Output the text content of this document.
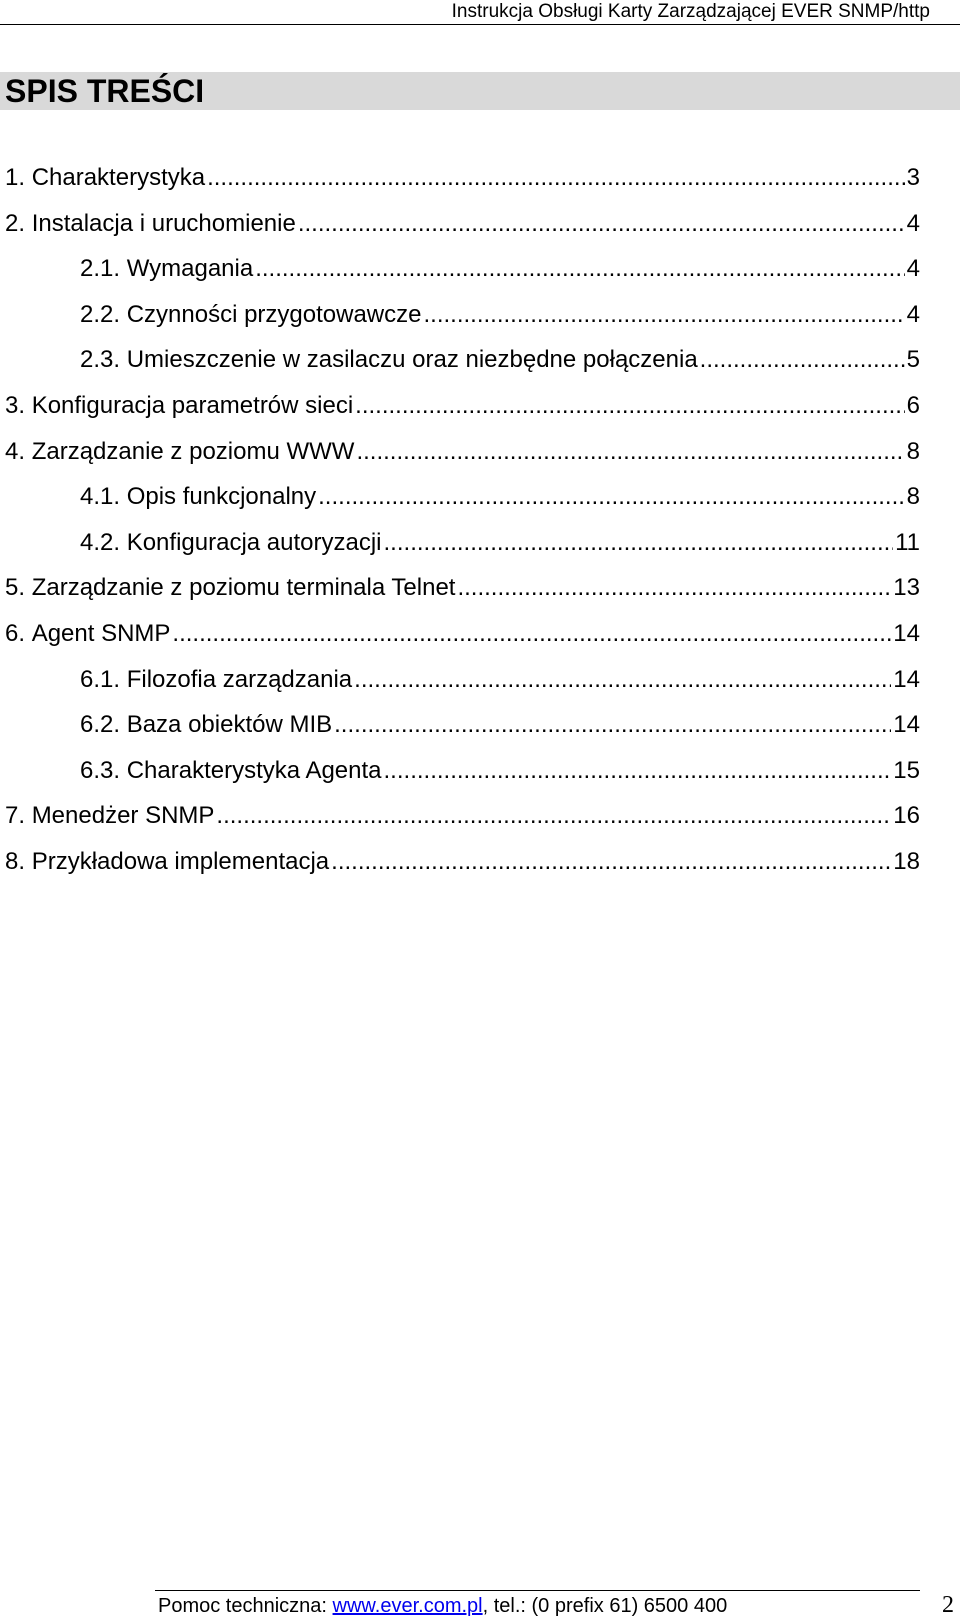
Instrukcja Obsługi Karty Zarządzającej EVER SNMP/http
SPIS TREŚCI
1. Charakterystyka .....	3
2. Instalacja i uruchomienie .....	4
2.1. Wymagania .....	4
2.2. Czynności przygotowawcze .....	4
2.3. Umieszczenie w zasilaczu oraz niezbędne połączenia .....	5
3. Konfiguracja parametrów sieci .....	6
4. Zarządzanie z poziomu WWW .....	8
4.1. Opis funkcjonalny .....	8
4.2. Konfiguracja autoryzacji .....	11
5. Zarządzanie z poziomu terminala Telnet .....	13
6. Agent SNMP .....	14
6.1. Filozofia zarządzania .....	14
6.2. Baza obiektów MIB .....	14
6.3. Charakterystyka Agenta .....	15
7. Menedżer SNMP .....	16
8. Przykładowa implementacja .....	18
Pomoc techniczna: www.ever.com.pl, tel.: (0 prefix 61) 6500 400	2
